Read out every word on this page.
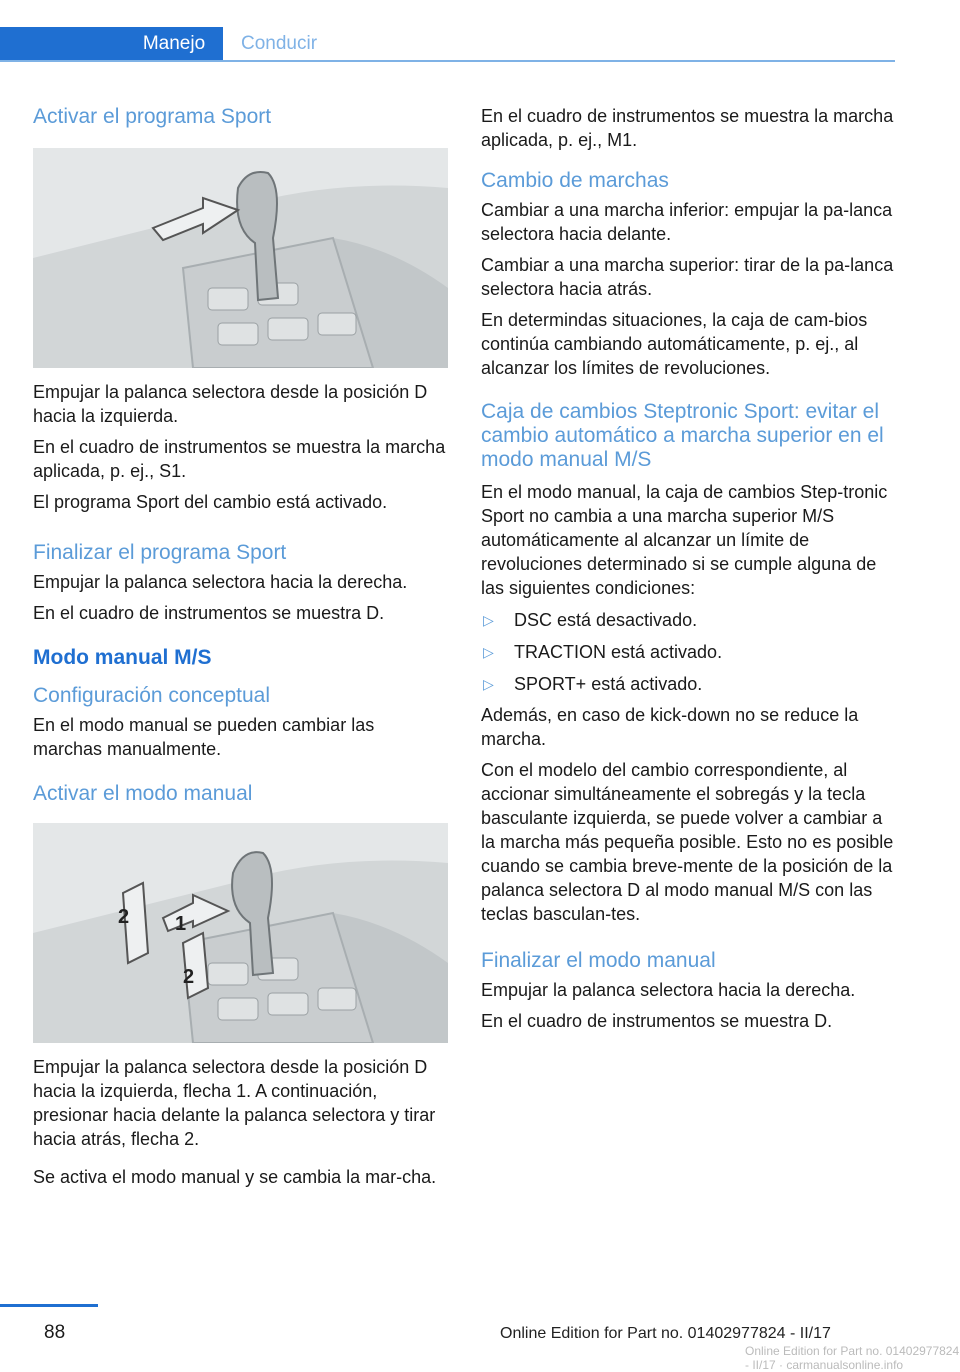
Manejo	Conducir
Activar el programa Sport

Empujar la palanca selectora desde la posición D hacia la izquierda.

En el cuadro de instrumentos se muestra la marcha aplicada, p. ej., S1.

El programa Sport del cambio está activado.

Finalizar el programa Sport

Empujar la palanca selectora hacia la derecha.

En el cuadro de instrumentos se muestra D.

Modo manual M/S
Configuración conceptual

En el modo manual se pueden cambiar las marchas manualmente.

Activar el modo manual
1
2
2

Empujar la palanca selectora desde la posición D hacia la izquierda, flecha 1. A continuación, presionar hacia delante la palanca selectora y tirar hacia atrás, flecha 2.

Se activa el modo manual y se cambia la mar‐cha.

En el cuadro de instrumentos se muestra la marcha aplicada, p. ej., M1.

Cambio de marchas

Cambiar a una marcha inferior: empujar la pa‐lanca selectora hacia delante.

Cambiar a una marcha superior: tirar de la pa‐lanca selectora hacia atrás.

En determindas situaciones, la caja de cam‐bios continúa cambiando automáticamente, p. ej., al alcanzar los límites de revoluciones.

Caja de cambios Steptronic Sport: evitar el cambio automático a marcha superior en el modo manual M/S

En el modo manual, la caja de cambios Step‐tronic Sport no cambia a una marcha superior M/S automáticamente al alcanzar un límite de revoluciones determinado si se cumple alguna de las siguientes condiciones:

▷ DSC está desactivado.
▷ TRACTION está activado.
▷ SPORT+ está activado.

Además, en caso de kick-down no se reduce la marcha.

Con el modelo del cambio correspondiente, al accionar simultáneamente el sobregás y la tecla basculante izquierda, se puede volver a cambiar a la marcha más pequeña posible. Esto no es posible cuando se cambia breve‐mente de la posición de la palanca selectora D al modo manual M/S con las teclas basculan‐tes.

Finalizar el modo manual

Empujar la palanca selectora hacia la derecha.

En el cuadro de instrumentos se muestra D.

88	Online Edition for Part no. 01402977824 - II/17
Online Edition for Part no. 01402977824 - II/17 · carmanualsonline.info
